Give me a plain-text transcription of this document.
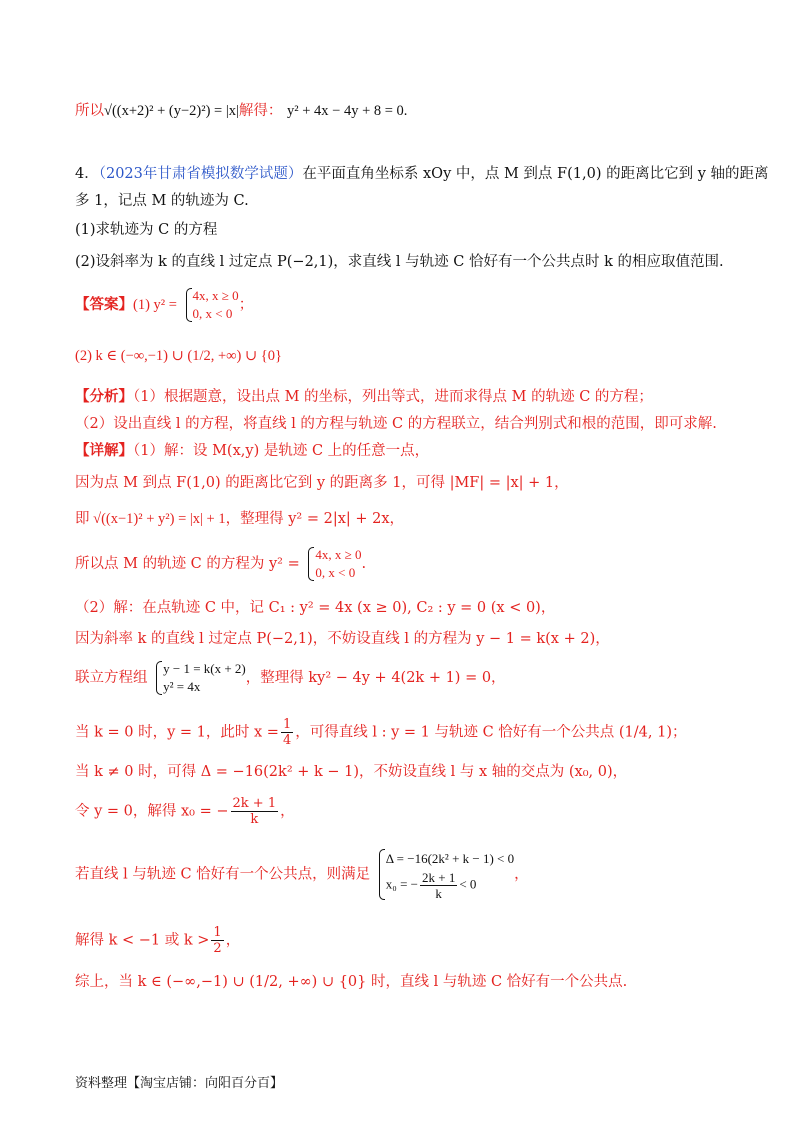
所以√((x+2)² + (y−2)²) = |x|解得： y² + 4x − 4y + 8 = 0.
4．（2023年甘肃省模拟数学试题）在平面直角坐标系 xOy 中，点 M 到点 F(1,0) 的距离比它到 y 轴的距离
多 1，记点 M 的轨迹为 C.
(1)求轨迹为 C 的方程
(2)设斜率为 k 的直线 l 过定点 P(−2,1)，求直线 l 与轨迹 C 恰好有一个公共点时 k 的相应取值范围.
【答案】(1) y² =
4x, x ≥ 0
0, x < 0
；
(2) k ∈ (−∞,−1) ∪ (1/2, +∞) ∪ {0}
【分析】（1）根据题意，设出点 M 的坐标，列出等式，进而求得点 M 的轨迹 C 的方程；
（2）设出直线 l 的方程，将直线 l 的方程与轨迹 C 的方程联立，结合判别式和根的范围，即可求解.
【详解】（1）解：设 M(x,y) 是轨迹 C 上的任意一点，
因为点 M 到点 F(1,0) 的距离比它到 y 的距离多 1，可得 |MF| = |x| + 1，
即 √((x−1)² + y²) = |x| + 1，整理得 y² = 2|x| + 2x，
所以点 M 的轨迹 C 的方程为 y² =
4x, x ≥ 0
0, x < 0
.
（2）解：在点轨迹 C 中，记 C₁ : y² = 4x (x ≥ 0), C₂ : y = 0 (x < 0)，
因为斜率 k 的直线 l 过定点 P(−2,1)，不妨设直线 l 的方程为 y − 1 = k(x + 2)，
联立方程组
y − 1 = k(x + 2)
y² = 4x
，整理得 ky² − 4y + 4(2k + 1) = 0，
当 k = 0 时，y = 1，此时 $x = \frac{1}{4}$ ，可得直线 l : y = 1 与轨迹 C 恰好有一个公共点 (1/4, 1)；
当 k ≠ 0 时，可得 Δ = −16(2k² + k − 1)，不妨设直线 l 与 x 轴的交点为 (x₀, 0)，
令 y = 0，解得 x₀ = − $\frac{2k + 1}{k}$ ，
若直线 l 与轨迹 C 恰好有一个公共点，则满足
Δ = −16(2k² + k − 1) < 0
x₀ = − $\frac{2k + 1}{k} < 0$
，
解得 k < −1 或 $k > \frac{1}{2}$ ，
综上，当 k ∈ (−∞,−1) ∪ (1/2, +∞) ∪ {0} 时，直线 l 与轨迹 C 恰好有一个公共点.
资料整理【淘宝店铺：向阳百分百】
